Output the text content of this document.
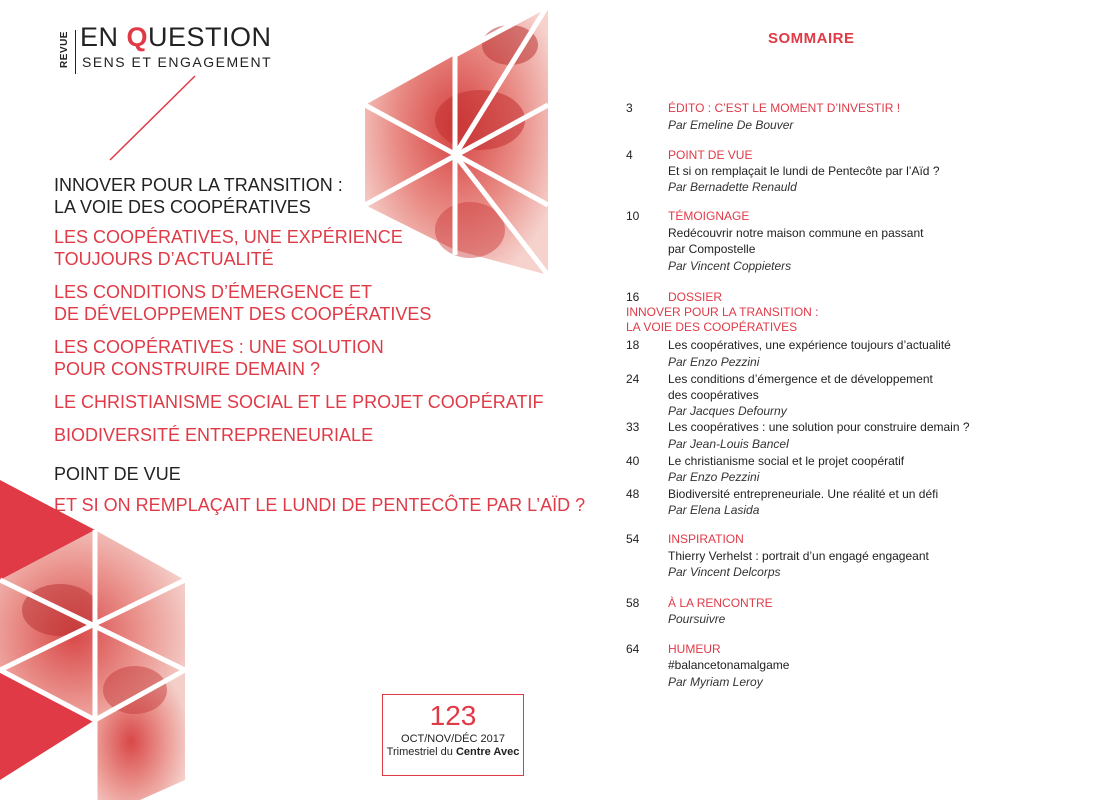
REVUE EN QUESTION
SENS ET ENGAGEMENT
INNOVER POUR LA TRANSITION :
LA VOIE DES COOPÉRATIVES
LES COOPÉRATIVES, UNE EXPÉRIENCE
TOUJOURS D’ACTUALITÉ
LES CONDITIONS D’ÉMERGENCE ET
DE DÉVELOPPEMENT DES COOPÉRATIVES
LES COOPÉRATIVES : UNE SOLUTION
POUR CONSTRUIRE DEMAIN ?
LE CHRISTIANISME SOCIAL ET LE PROJET COOPÉRATIF
BIODIVERSITÉ ENTREPRENEURIALE
POINT DE VUE
ET SI ON REMPLAÇAIT LE LUNDI DE PENTECÔTE PAR L’AÏD ?
123
OCT/NOV/DÉC 2017
Trimestriel du Centre Avec
SOMMAIRE
3	ÉDITO : C’EST LE MOMENT D’INVESTIR !
Par Emeline De Bouver
4	POINT DE VUE
Et si on remplaçait le lundi de Pentecôte par l’Aïd ?
Par Bernadette Renauld
10	TÉMOIGNAGE
Redécouvrir notre maison commune en passant
par Compostelle
Par Vincent Coppieters
16	DOSSIER
INNOVER POUR LA TRANSITION :
LA VOIE DES COOPÉRATIVES
18	Les coopératives, une expérience toujours d’actualité
Par Enzo Pezzini
24	Les conditions d’émergence et de développement
des coopératives
Par Jacques Defourny
33	Les coopératives : une solution pour construire demain ?
Par Jean-Louis Bancel
40	Le christianisme social et le projet coopératif
Par Enzo Pezzini
48	Biodiversité entrepreneuriale. Une réalité et un défi
Par Elena Lasida
54	INSPIRATION
Thierry Verhelst : portrait d’un engagé engageant
Par Vincent Delcorps
58	À LA RENCONTRE
Poursuivre
64	HUMEUR
#balancetonamalgame
Par Myriam Leroy
